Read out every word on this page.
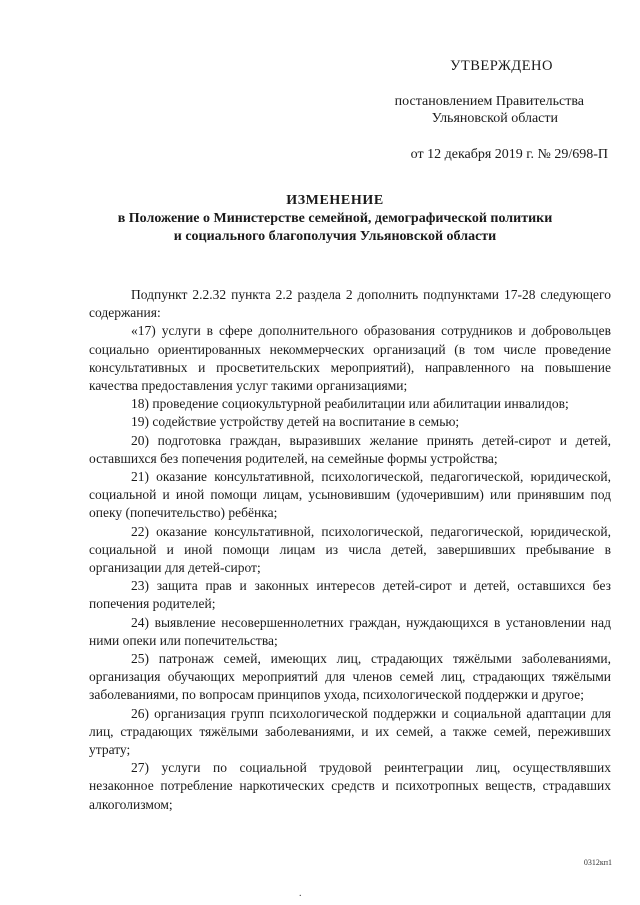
УТВЕРЖДЕНО
постановлением Правительства
Ульяновской области
от 12 декабря 2019 г. № 29/698-П
ИЗМЕНЕНИЕ
в Положение о Министерстве семейной, демографической политики
и социального благополучия Ульяновской области

Подпункт 2.2.32 пункта 2.2 раздела 2 дополнить подпунктами 17-28 следующего содержания:

«17) услуги в сфере дополнительного образования сотрудников и добровольцев социально ориентированных некоммерческих организаций (в том числе проведение консультативных и просветительских мероприятий), направленного на повышение качества предоставления услуг такими организациями;

18) проведение социокультурной реабилитации или абилитации инвалидов;

19) содействие устройству детей на воспитание в семью;

20) подготовка граждан, выразивших желание принять детей-сирот и детей, оставшихся без попечения родителей, на семейные формы устройства;

21) оказание консультативной, психологической, педагогической, юридической, социальной и иной помощи лицам, усыновившим (удочерившим) или принявшим под опеку (попечительство) ребёнка;

22) оказание консультативной, психологической, педагогической, юридической, социальной и иной помощи лицам из числа детей, завершивших пребывание в организации для детей-сирот;

23) защита прав и законных интересов детей-сирот и детей, оставшихся без попечения родителей;

24) выявление несовершеннолетних граждан, нуждающихся в установлении над ними опеки или попечительства;

25) патронаж семей, имеющих лиц, страдающих тяжёлыми заболеваниями, организация обучающих мероприятий для членов семей лиц, страдающих тяжёлыми заболеваниями, по вопросам принципов ухода, психологической поддержки и другое;

26) организация групп психологической поддержки и социальной адаптации для лиц, страдающих тяжёлыми заболеваниями, и их семей, а также семей, переживших утрату;

27) услуги по социальной трудовой реинтеграции лиц, осуществлявших незаконное потребление наркотических средств и психотропных веществ, страдавших алкоголизмом;

0312кп1
.
